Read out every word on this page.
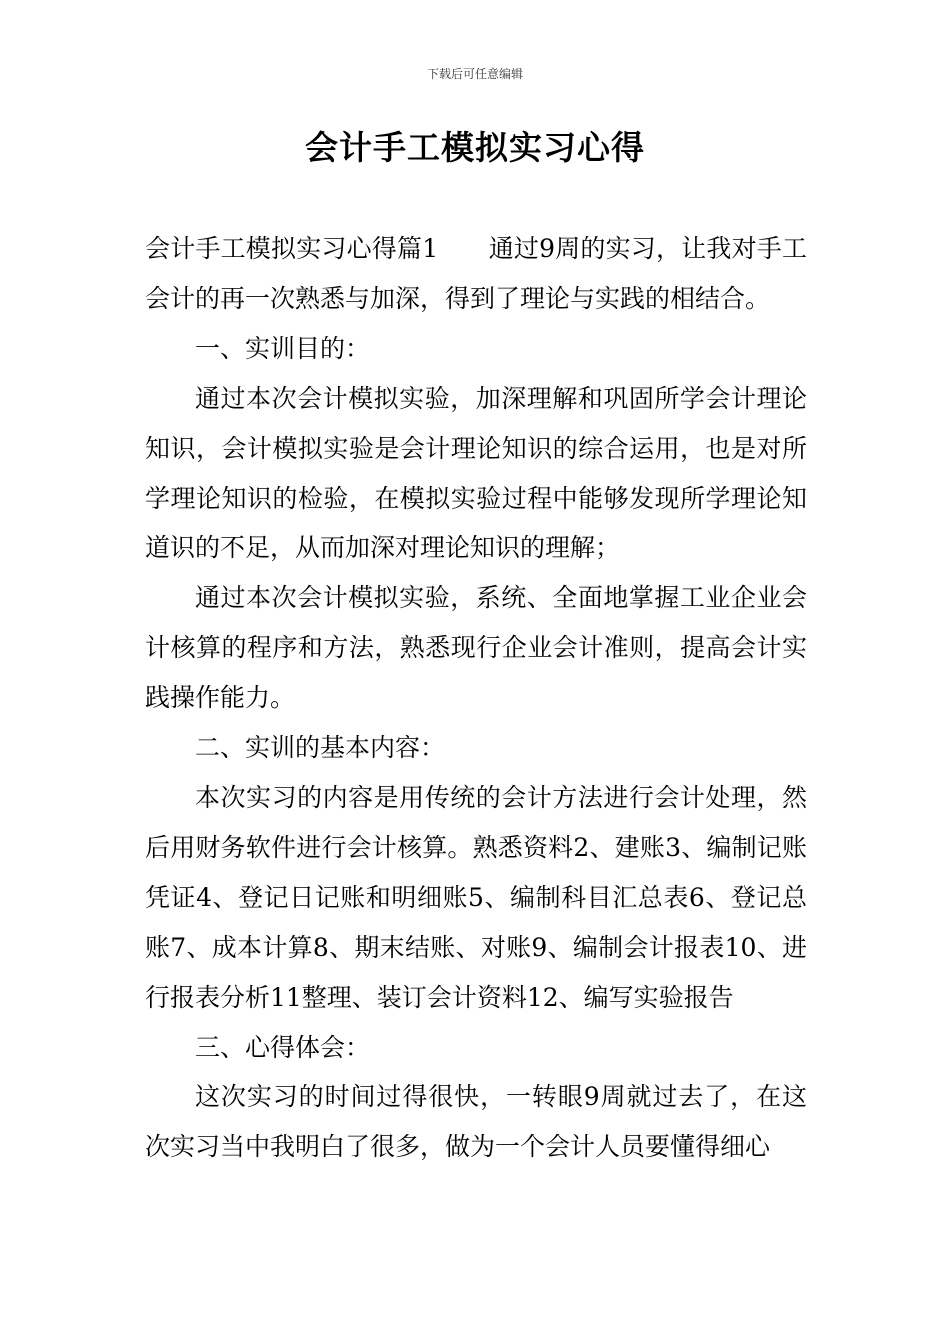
下载后可任意编辑
会计手工模拟实习心得

会计手工模拟实习心得篇1　　通过9周的实习，让我对手工会计的再一次熟悉与加深，得到了理论与实践的相结合。

一、实训目的：

通过本次会计模拟实验，加深理解和巩固所学会计理论知识，会计模拟实验是会计理论知识的综合运用，也是对所学理论知识的检验，在模拟实验过程中能够发现所学理论知道识的不足，从而加深对理论知识的理解；

通过本次会计模拟实验，系统、全面地掌握工业企业会计核算的程序和方法，熟悉现行企业会计准则，提高会计实践操作能力。

二、实训的基本内容：

本次实习的内容是用传统的会计方法进行会计处理，然后用财务软件进行会计核算。熟悉资料2、建账3、编制记账凭证4、登记日记账和明细账5、编制科目汇总表6、登记总账7、成本计算8、期末结账、对账9、编制会计报表10、进行报表分析11整理、装订会计资料12、编写实验报告

三、心得体会：

这次实习的时间过得很快，一转眼9周就过去了，在这次实习当中我明白了很多，做为一个会计人员要懂得细心
